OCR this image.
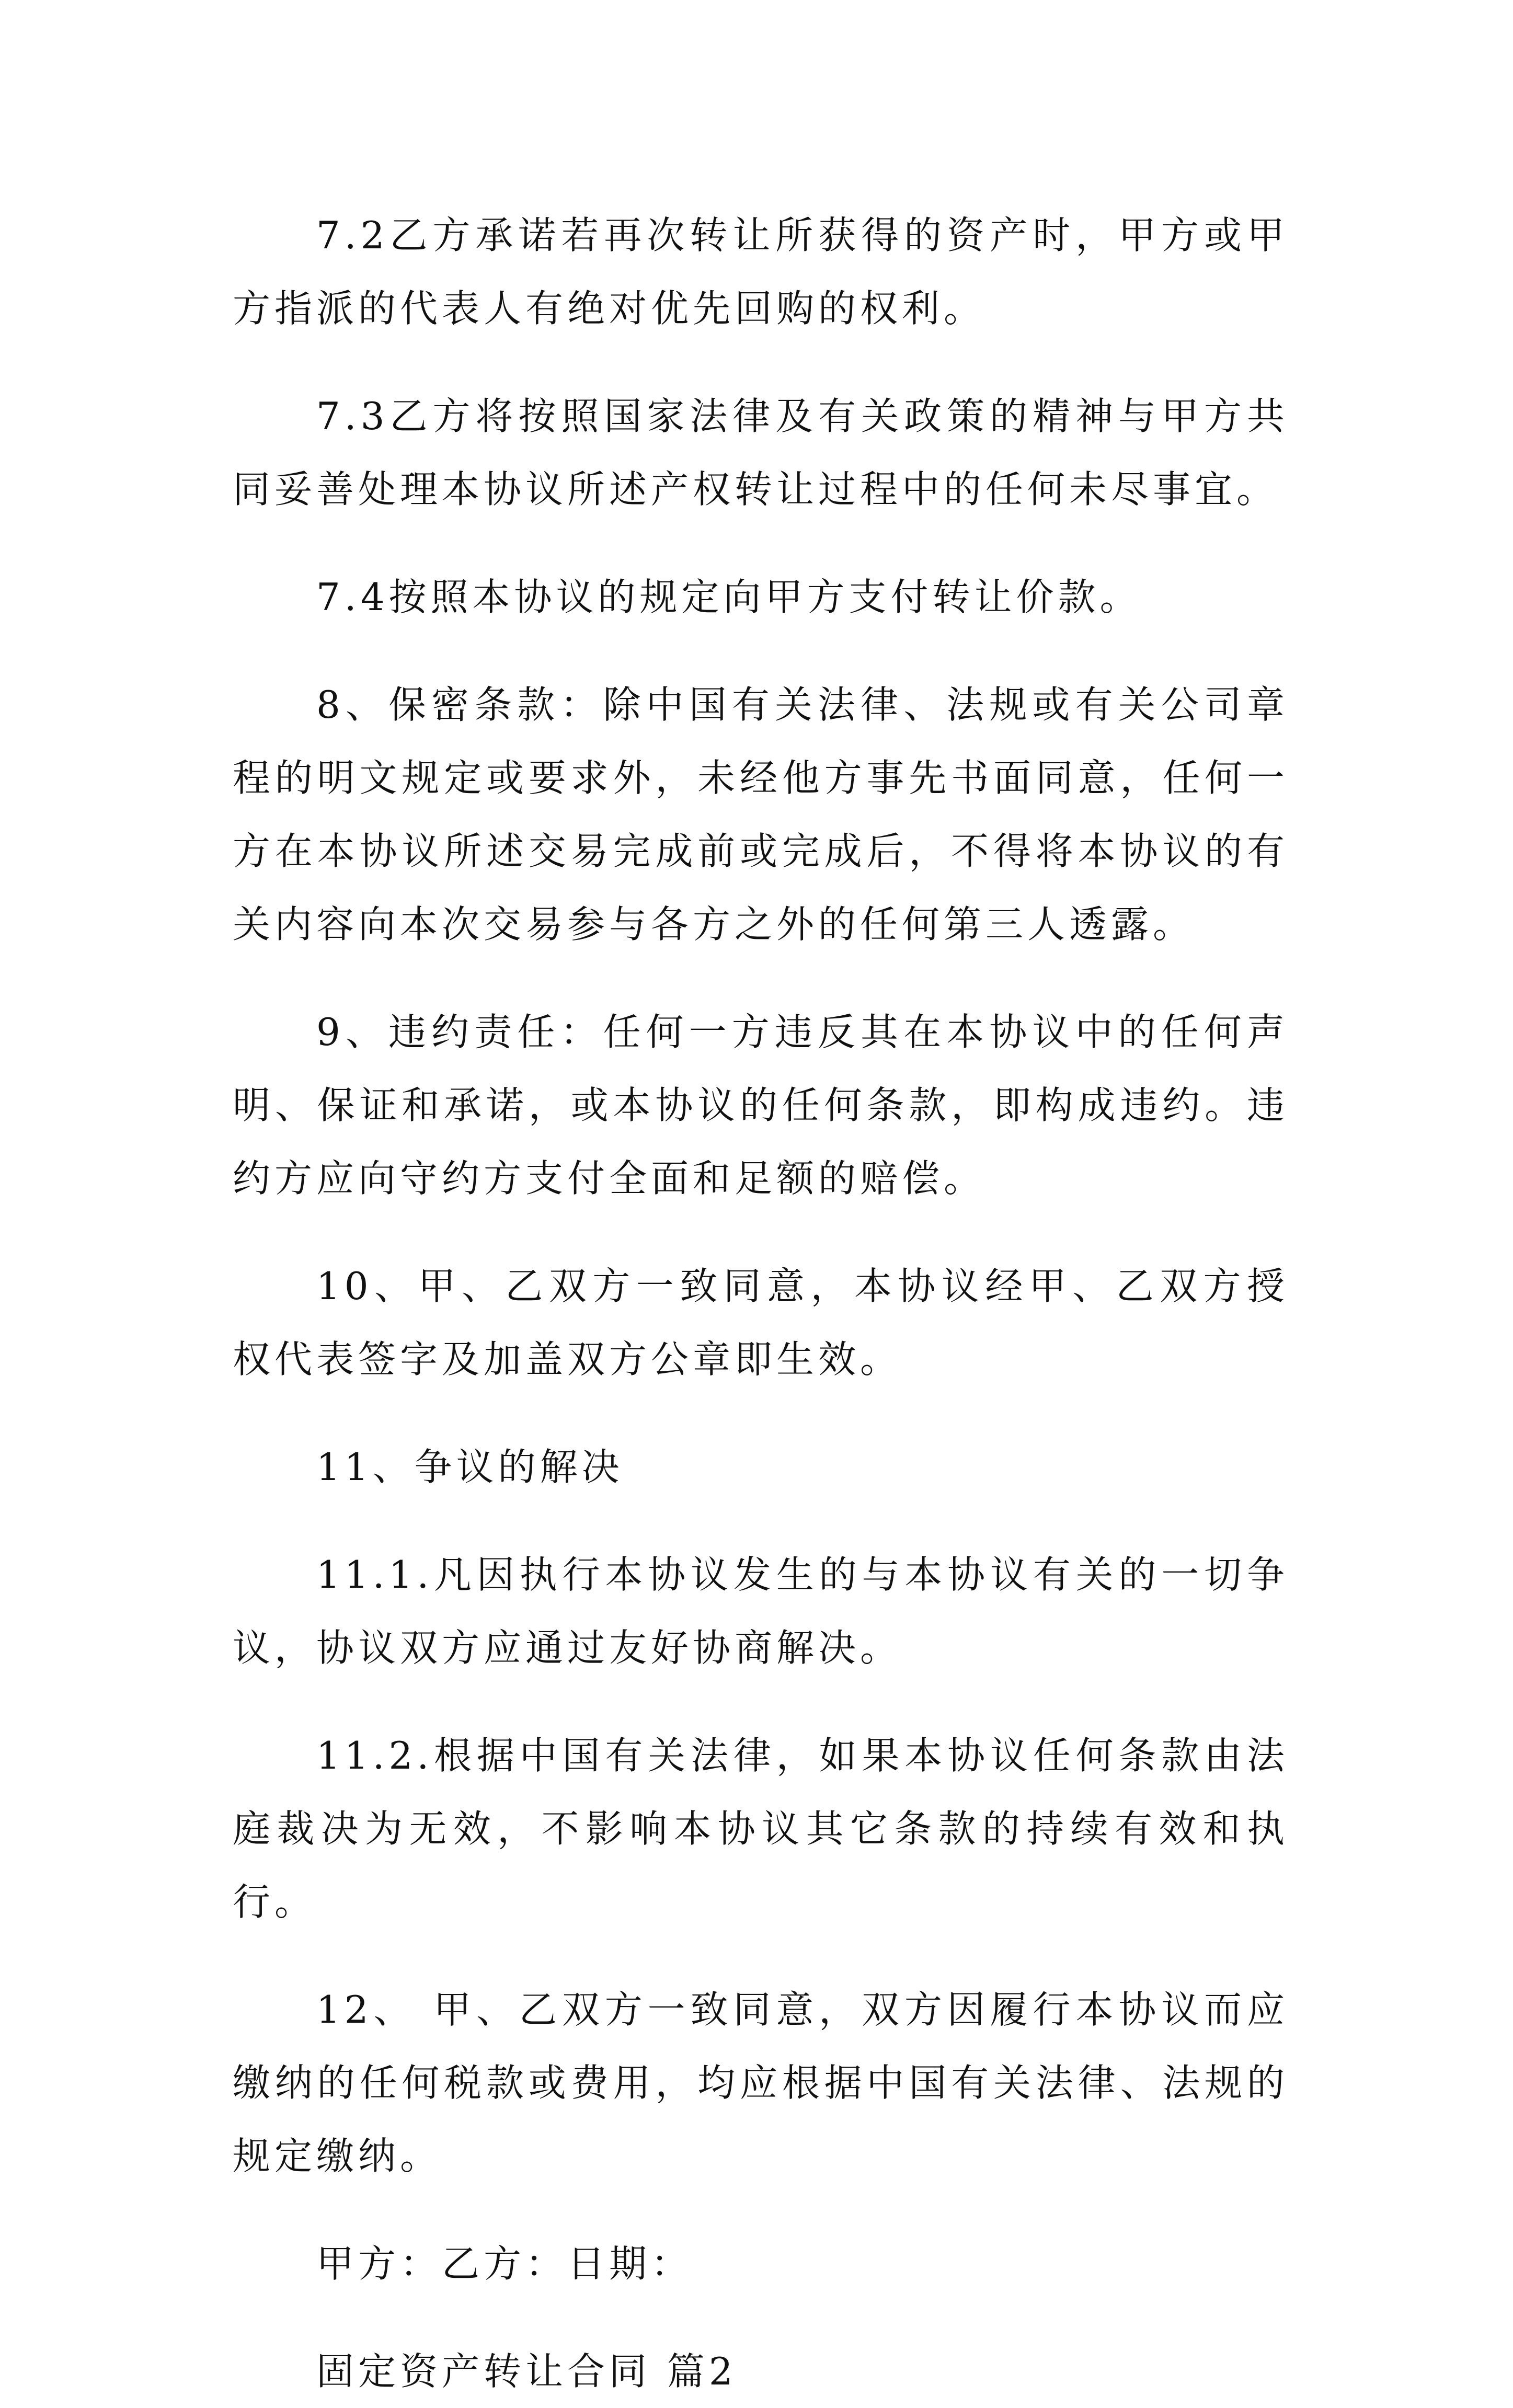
7.2乙方承诺若再次转让所获得的资产时，甲方或甲方指派的代表人有绝对优先回购的权利。

7.3乙方将按照国家法律及有关政策的精神与甲方共同妥善处理本协议所述产权转让过程中的任何未尽事宜。

7.4按照本协议的规定向甲方支付转让价款。

8、保密条款：除中国有关法律、法规或有关公司章程的明文规定或要求外，未经他方事先书面同意，任何一方在本协议所述交易完成前或完成后，不得将本协议的有关内容向本次交易参与各方之外的任何第三人透露。

9、违约责任：任何一方违反其在本协议中的任何声明、保证和承诺，或本协议的任何条款，即构成违约。违约方应向守约方支付全面和足额的赔偿。

10、甲、乙双方一致同意，本协议经甲、乙双方授权代表签字及加盖双方公章即生效。

11、争议的解决

11.1.凡因执行本协议发生的与本协议有关的一切争议，协议双方应通过友好协商解决。

11.2.根据中国有关法律，如果本协议任何条款由法庭裁决为无效，不影响本协议其它条款的持续有效和执行。

12、 甲、乙双方一致同意，双方因履行本协议而应缴纳的任何税款或费用，均应根据中国有关法律、法规的规定缴纳。

甲方：乙方：日期：

固定资产转让合同 篇2
